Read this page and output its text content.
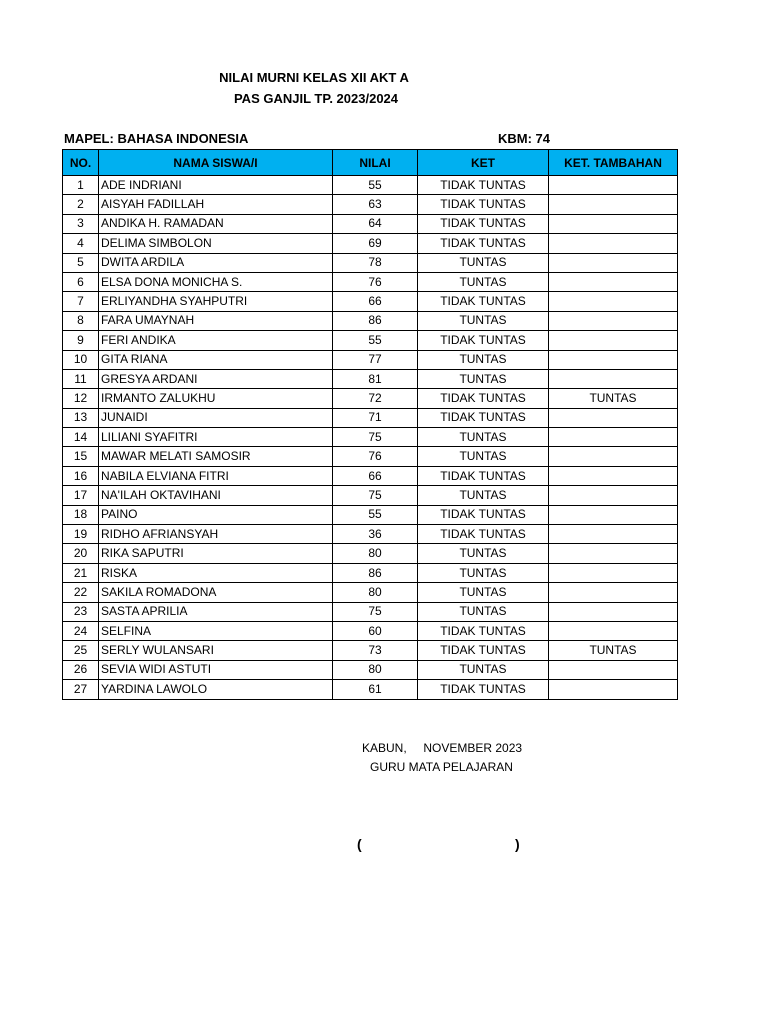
NILAI MURNI KELAS XII AKT A
PAS GANJIL TP. 2023/2024
MAPEL: BAHASA INDONESIA	KBM: 74
NO.	NAMA SISWA/I	NILAI	KET	KET. TAMBAHAN
1	ADE INDRIANI	55	TIDAK TUNTAS	
2	AISYAH FADILLAH	63	TIDAK TUNTAS	
3	ANDIKA H. RAMADAN	64	TIDAK TUNTAS	
4	DELIMA SIMBOLON	69	TIDAK TUNTAS	
5	DWITA ARDILA	78	TUNTAS	
6	ELSA DONA MONICHA S.	76	TUNTAS	
7	ERLIYANDHA SYAHPUTRI	66	TIDAK TUNTAS	
8	FARA UMAYNAH	86	TUNTAS	
9	FERI ANDIKA	55	TIDAK TUNTAS	
10	GITA RIANA	77	TUNTAS	
11	GRESYA ARDANI	81	TUNTAS	
12	IRMANTO ZALUKHU	72	TIDAK TUNTAS	TUNTAS
13	JUNAIDI	71	TIDAK TUNTAS	
14	LILIANI SYAFITRI	75	TUNTAS	
15	MAWAR MELATI SAMOSIR	76	TUNTAS	
16	NABILA ELVIANA FITRI	66	TIDAK TUNTAS	
17	NA'ILAH OKTAVIHANI	75	TUNTAS	
18	PAINO	55	TIDAK TUNTAS	
19	RIDHO AFRIANSYAH	36	TIDAK TUNTAS	
20	RIKA SAPUTRI	80	TUNTAS	
21	RISKA	86	TUNTAS	
22	SAKILA ROMADONA	80	TUNTAS	
23	SASTA APRILIA	75	TUNTAS	
24	SELFINA	60	TIDAK TUNTAS	
25	SERLY WULANSARI	73	TIDAK TUNTAS	TUNTAS
26	SEVIA WIDI ASTUTI	80	TUNTAS	
27	YARDINA LAWOLO	61	TIDAK TUNTAS	
KABUN,     NOVEMBER 2023
GURU MATA PELAJARAN
(	)
